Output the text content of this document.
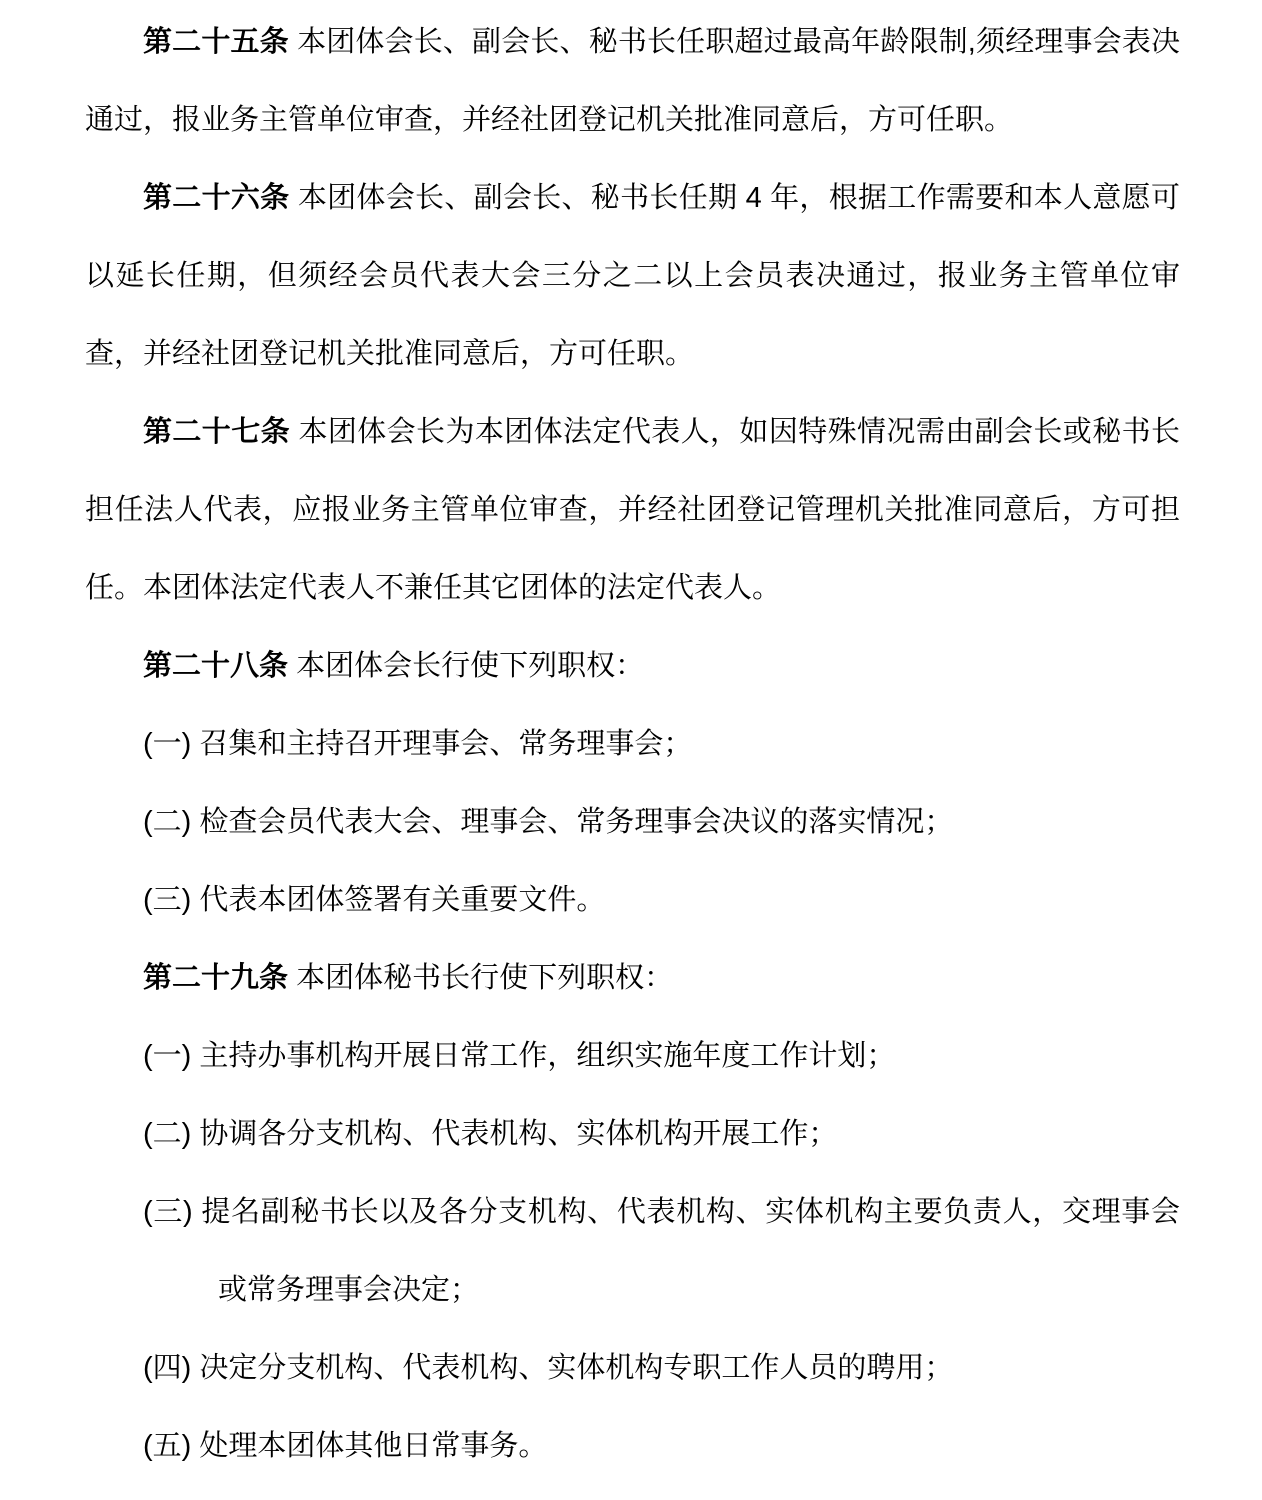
第二十五条 本团体会长、副会长、秘书长任职超过最高年龄限制,须经理事会表决通过，报业务主管单位审查，并经社团登记机关批准同意后，方可任职。

第二十六条 本团体会长、副会长、秘书长任期 4 年，根据工作需要和本人意愿可以延长任期，但须经会员代表大会三分之二以上会员表决通过，报业务主管单位审查，并经社团登记机关批准同意后，方可任职。

第二十七条 本团体会长为本团体法定代表人，如因特殊情况需由副会长或秘书长担任法人代表，应报业务主管单位审查，并经社团登记管理机关批准同意后，方可担任。本团体法定代表人不兼任其它团体的法定代表人。

第二十八条 本团体会长行使下列职权：

(一) 召集和主持召开理事会、常务理事会；

(二) 检查会员代表大会、理事会、常务理事会决议的落实情况；

(三) 代表本团体签署有关重要文件。

第二十九条 本团体秘书长行使下列职权：

(一) 主持办事机构开展日常工作，组织实施年度工作计划；

(二) 协调各分支机构、代表机构、实体机构开展工作；

(三) 提名副秘书长以及各分支机构、代表机构、实体机构主要负责人，交理事会或常务理事会决定；

(四) 决定分支机构、代表机构、实体机构专职工作人员的聘用；

(五) 处理本团体其他日常事务。
